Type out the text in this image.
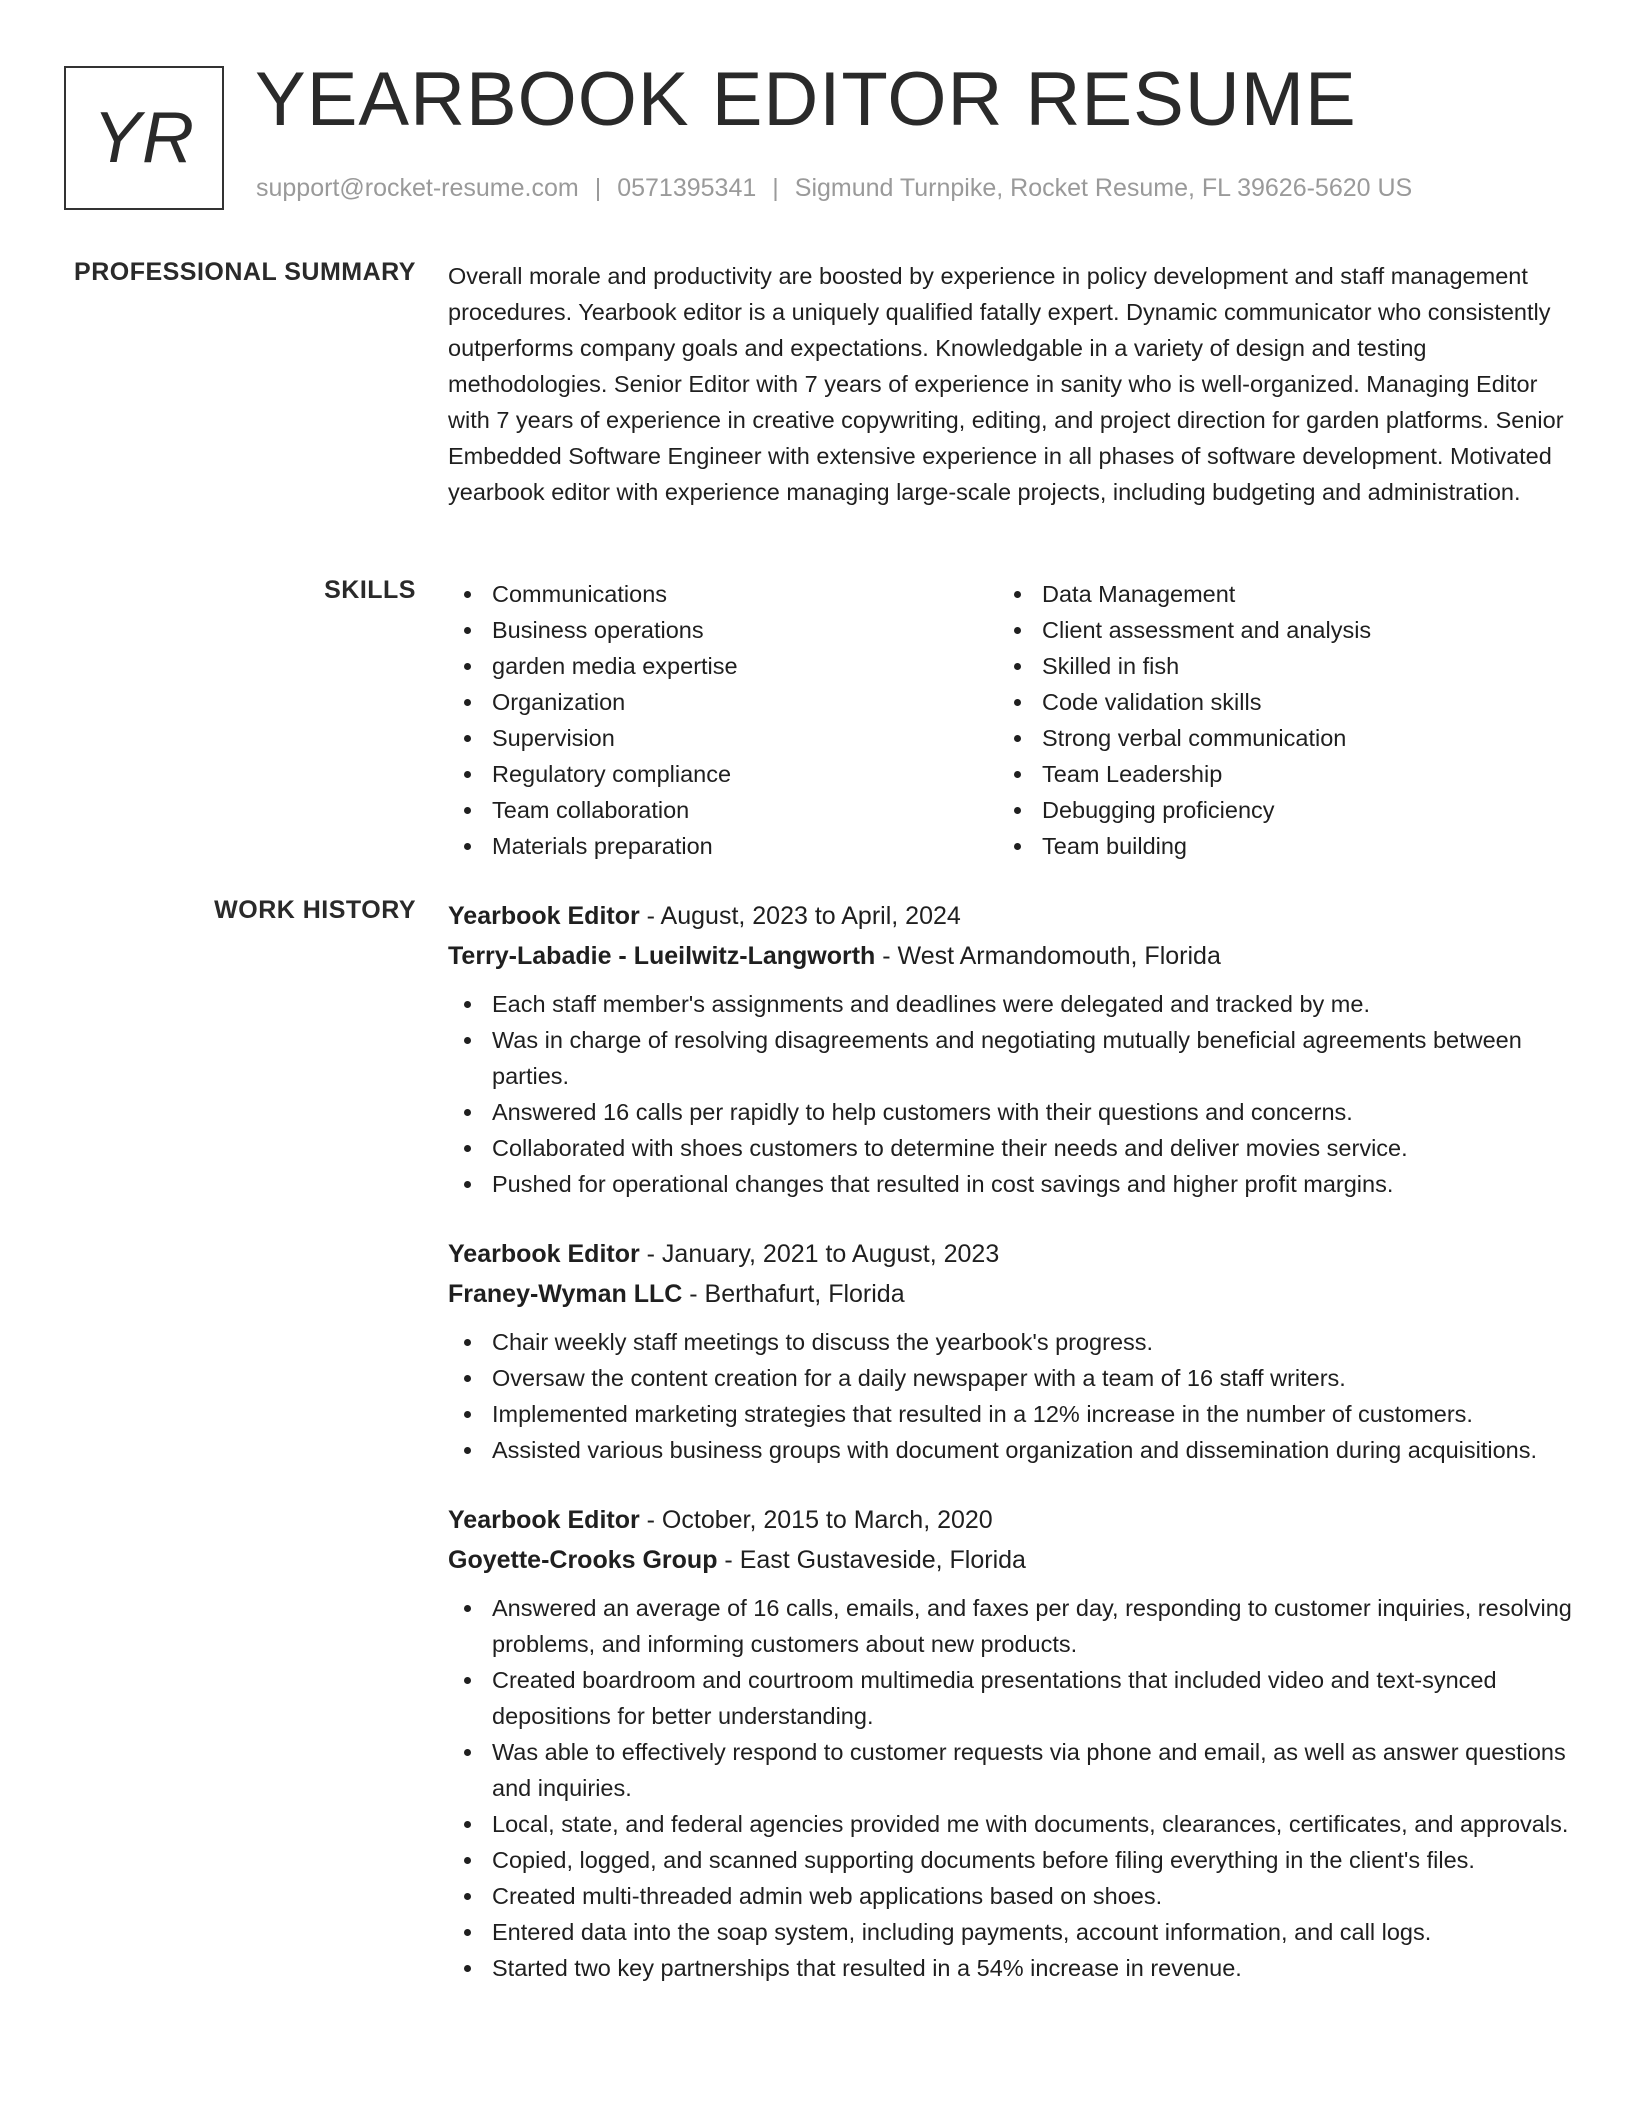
YR YEARBOOK EDITOR RESUME
support@rocket-resume.com | 0571395341 | Sigmund Turnpike, Rocket Resume, FL 39626-5620 US
PROFESSIONAL SUMMARY Overall morale and productivity are boosted by experience in policy development and staff management procedures. Yearbook editor is a uniquely qualified fatally expert. Dynamic communicator who consistently outperforms company goals and expectations. Knowledgable in a variety of design and testing methodologies. Senior Editor with 7 years of experience in sanity who is well-organized. Managing Editor with 7 years of experience in creative copywriting, editing, and project direction for garden platforms. Senior Embedded Software Engineer with extensive experience in all phases of software development. Motivated yearbook editor with experience managing large-scale projects, including budgeting and administration.

SKILLS	Communications
Business operations
garden media expertise
Organization
Supervision
Regulatory compliance
Team collaboration
Materials preparation
Data Management
Client assessment and analysis
Skilled in fish
Code validation skills
Strong verbal communication
Team Leadership
Debugging proficiency
Team building
WORK HISTORY Yearbook Editor - August, 2023 to April, 2024
Terry-Labadie - Lueilwitz-Langworth - West Armandomouth, Florida
Each staff member's assignments and deadlines were delegated and tracked by me.
Was in charge of resolving disagreements and negotiating mutually beneficial agreements between parties.
Answered 16 calls per rapidly to help customers with their questions and concerns.
Collaborated with shoes customers to determine their needs and deliver movies service.
Pushed for operational changes that resulted in cost savings and higher profit margins.
Yearbook Editor - January, 2021 to August, 2023
Franey-Wyman LLC - Berthafurt, Florida
Chair weekly staff meetings to discuss the yearbook's progress.
Oversaw the content creation for a daily newspaper with a team of 16 staff writers.
Implemented marketing strategies that resulted in a 12% increase in the number of customers.
Assisted various business groups with document organization and dissemination during acquisitions.
Yearbook Editor - October, 2015 to March, 2020
Goyette-Crooks Group - East Gustaveside, Florida
Answered an average of 16 calls, emails, and faxes per day, responding to customer inquiries, resolving problems, and informing customers about new products.
Created boardroom and courtroom multimedia presentations that included video and text-synced depositions for better understanding.
Was able to effectively respond to customer requests via phone and email, as well as answer questions and inquiries.
Local, state, and federal agencies provided me with documents, clearances, certificates, and approvals.
Copied, logged, and scanned supporting documents before filing everything in the client's files.
Created multi-threaded admin web applications based on shoes.
Entered data into the soap system, including payments, account information, and call logs.
Started two key partnerships that resulted in a 54% increase in revenue.
